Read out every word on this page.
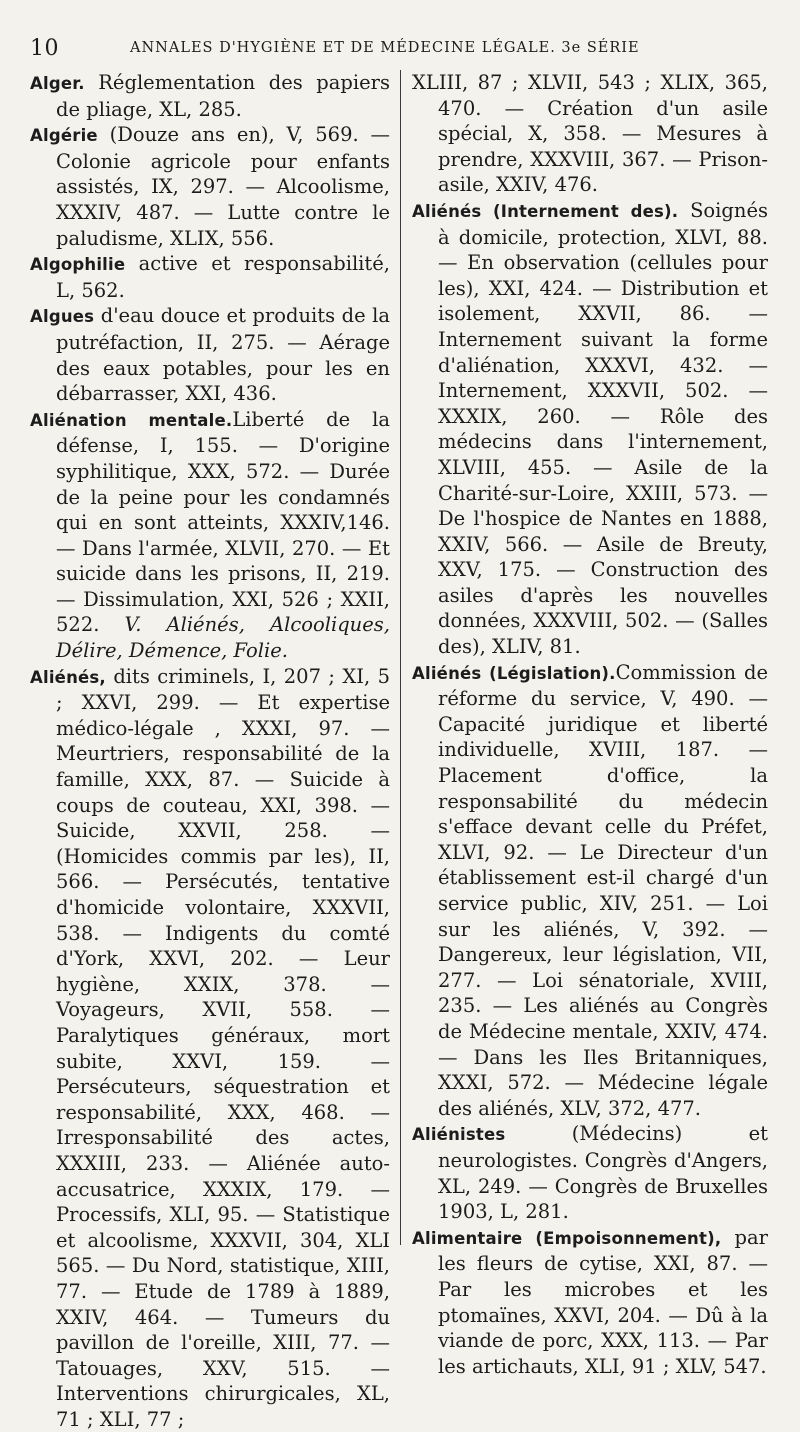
10	ANNALES D'HYGIÈNE ET DE MÉDECINE LÉGALE. 3e SÉRIE

Alger. Réglementation des papiers de pliage, XL, 285.

Algérie (Douze ans en), V, 569. — Colonie agricole pour enfants assistés, IX, 297. — Alcoolisme, XXXIV, 487. — Lutte contre le paludisme, XLIX, 556.

Algophilie active et responsabilité, L, 562.

Algues d'eau douce et produits de la putréfaction, II, 275. — Aérage des eaux potables, pour les en débarrasser, XXI, 436.

Aliénation mentale.Liberté de la défense, I, 155. — D'origine syphilitique, XXX, 572. — Durée de la peine pour les condamnés qui en sont atteints, XXXIV,146. — Dans l'armée, XLVII, 270. — Et suicide dans les prisons, II, 219. — Dissimulation, XXI, 526 ; XXII, 522. V. Aliénés, Alcooliques, Délire, Démence, Folie.

Aliénés, dits criminels, I, 207 ; XI, 5 ; XXVI, 299. — Et expertise médico-légale , XXXI, 97. — Meurtriers, responsabilité de la famille, XXX, 87. — Suicide à coups de couteau, XXI, 398. — Suicide, XXVII, 258. — (Homicides commis par les), II, 566. — Persécutés, tentative d'homicide volontaire, XXXVII, 538. — Indigents du comté d'York, XXVI, 202. — Leur hygiène, XXIX, 378. — Voyageurs, XVII, 558. — Paralytiques généraux, mort subite, XXVI, 159. — Persécuteurs, séquestration et responsabilité, XXX, 468. — Irresponsabilité des actes, XXXIII, 233. — Aliénée auto-accusatrice, XXXIX, 179. — Processifs, XLI, 95. — Statistique et alcoolisme, XXXVII, 304, XLI 565. — Du Nord, statistique, XIII, 77. — Etude de 1789 à 1889, XXIV, 464. — Tumeurs du pavillon de l'oreille, XIII, 77. — Tatouages, XXV, 515. — Interventions chirurgicales, XL, 71 ; XLI, 77 ;

XLIII, 87 ; XLVII, 543 ; XLIX, 365, 470. — Création d'un asile spécial, X, 358. — Mesures à prendre, XXXVIII, 367. — Prison-asile, XXIV, 476.

Aliénés (Internement des). Soignés à domicile, protection, XLVI, 88. — En observation (cellules pour les), XXI, 424. — Distribution et isolement, XXVII, 86. — Internement suivant la forme d'aliénation, XXXVI, 432. — Internement, XXXVII, 502. — XXXIX, 260. — Rôle des médecins dans l'internement, XLVIII, 455. — Asile de la Charité-sur-Loire, XXIII, 573. — De l'hospice de Nantes en 1888, XXIV, 566. — Asile de Breuty, XXV, 175. — Construction des asiles d'après les nouvelles données, XXXVIII, 502. — (Salles des), XLIV, 81.

Aliénés (Législation).Commission de réforme du service, V, 490. — Capacité juridique et liberté individuelle, XVIII, 187. — Placement d'office, la responsabilité du médecin s'efface devant celle du Préfet, XLVI, 92. — Le Directeur d'un établissement est-il chargé d'un service public, XIV, 251. — Loi sur les aliénés, V, 392. — Dangereux, leur législation, VII, 277. — Loi sénatoriale, XVIII, 235. — Les aliénés au Congrès de Médecine mentale, XXIV, 474. — Dans les Iles Britanniques, XXXI, 572. — Médecine légale des aliénés, XLV, 372, 477.

Aliénistes (Médecins) et neurologistes. Congrès d'Angers, XL, 249. — Congrès de Bruxelles 1903, L, 281.

Alimentaire (Empoisonnement), par les fleurs de cytise, XXI, 87. — Par les microbes et les ptomaïnes, XXVI, 204. — Dû à la viande de porc, XXX, 113. — Par les artichauts, XLI, 91 ; XLV, 547.
